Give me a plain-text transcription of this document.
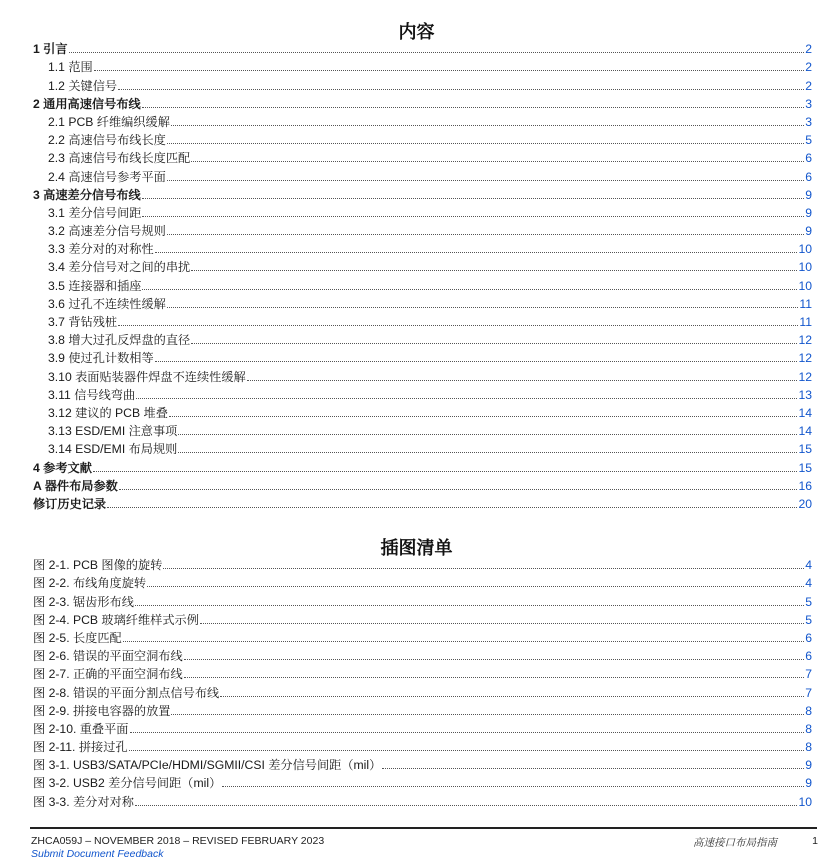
内容
1 引言	2
1.1 范围	2
1.2 关键信号	2
2 通用高速信号布线	3
2.1 PCB 纤维编织缓解	3
2.2 高速信号布线长度	5
2.3 高速信号布线长度匹配	6
2.4 高速信号参考平面	6
3 高速差分信号布线	9
3.1 差分信号间距	9
3.2 高速差分信号规则	9
3.3 差分对的对称性	10
3.4 差分信号对之间的串扰	10
3.5 连接器和插座	10
3.6 过孔不连续性缓解	11
3.7 背钻残桩	11
3.8 增大过孔反焊盘的直径	12
3.9 使过孔计数相等	12
3.10 表面贴装器件焊盘不连续性缓解	12
3.11 信号线弯曲	13
3.12 建议的 PCB 堆叠	14
3.13 ESD/EMI 注意事项	14
3.14 ESD/EMI 布局规则	15
4 参考文献	15
A 器件布局参数	16
修订历史记录	20
插图清单
图 2-1. PCB 图像的旋转	4
图 2-2. 布线角度旋转	4
图 2-3. 锯齿形布线	5
图 2-4. PCB 玻璃纤维样式示例	5
图 2-5. 长度匹配	6
图 2-6. 错误的平面空洞布线	6
图 2-7. 正确的平面空洞布线	7
图 2-8. 错误的平面分割点信号布线	7
图 2-9. 拼接电容器的放置	8
图 2-10. 重叠平面	8
图 2-11. 拼接过孔	8
图 3-1. USB3/SATA/PCIe/HDMI/SGMII/CSI 差分信号间距（mil）	9
图 3-2. USB2 差分信号间距（mil）	9
图 3-3. 差分对对称	10
ZHCA059J – NOVEMBER 2018 – REVISED FEBRUARY 2023
Submit Document Feedback
高速接口布局指南	1
